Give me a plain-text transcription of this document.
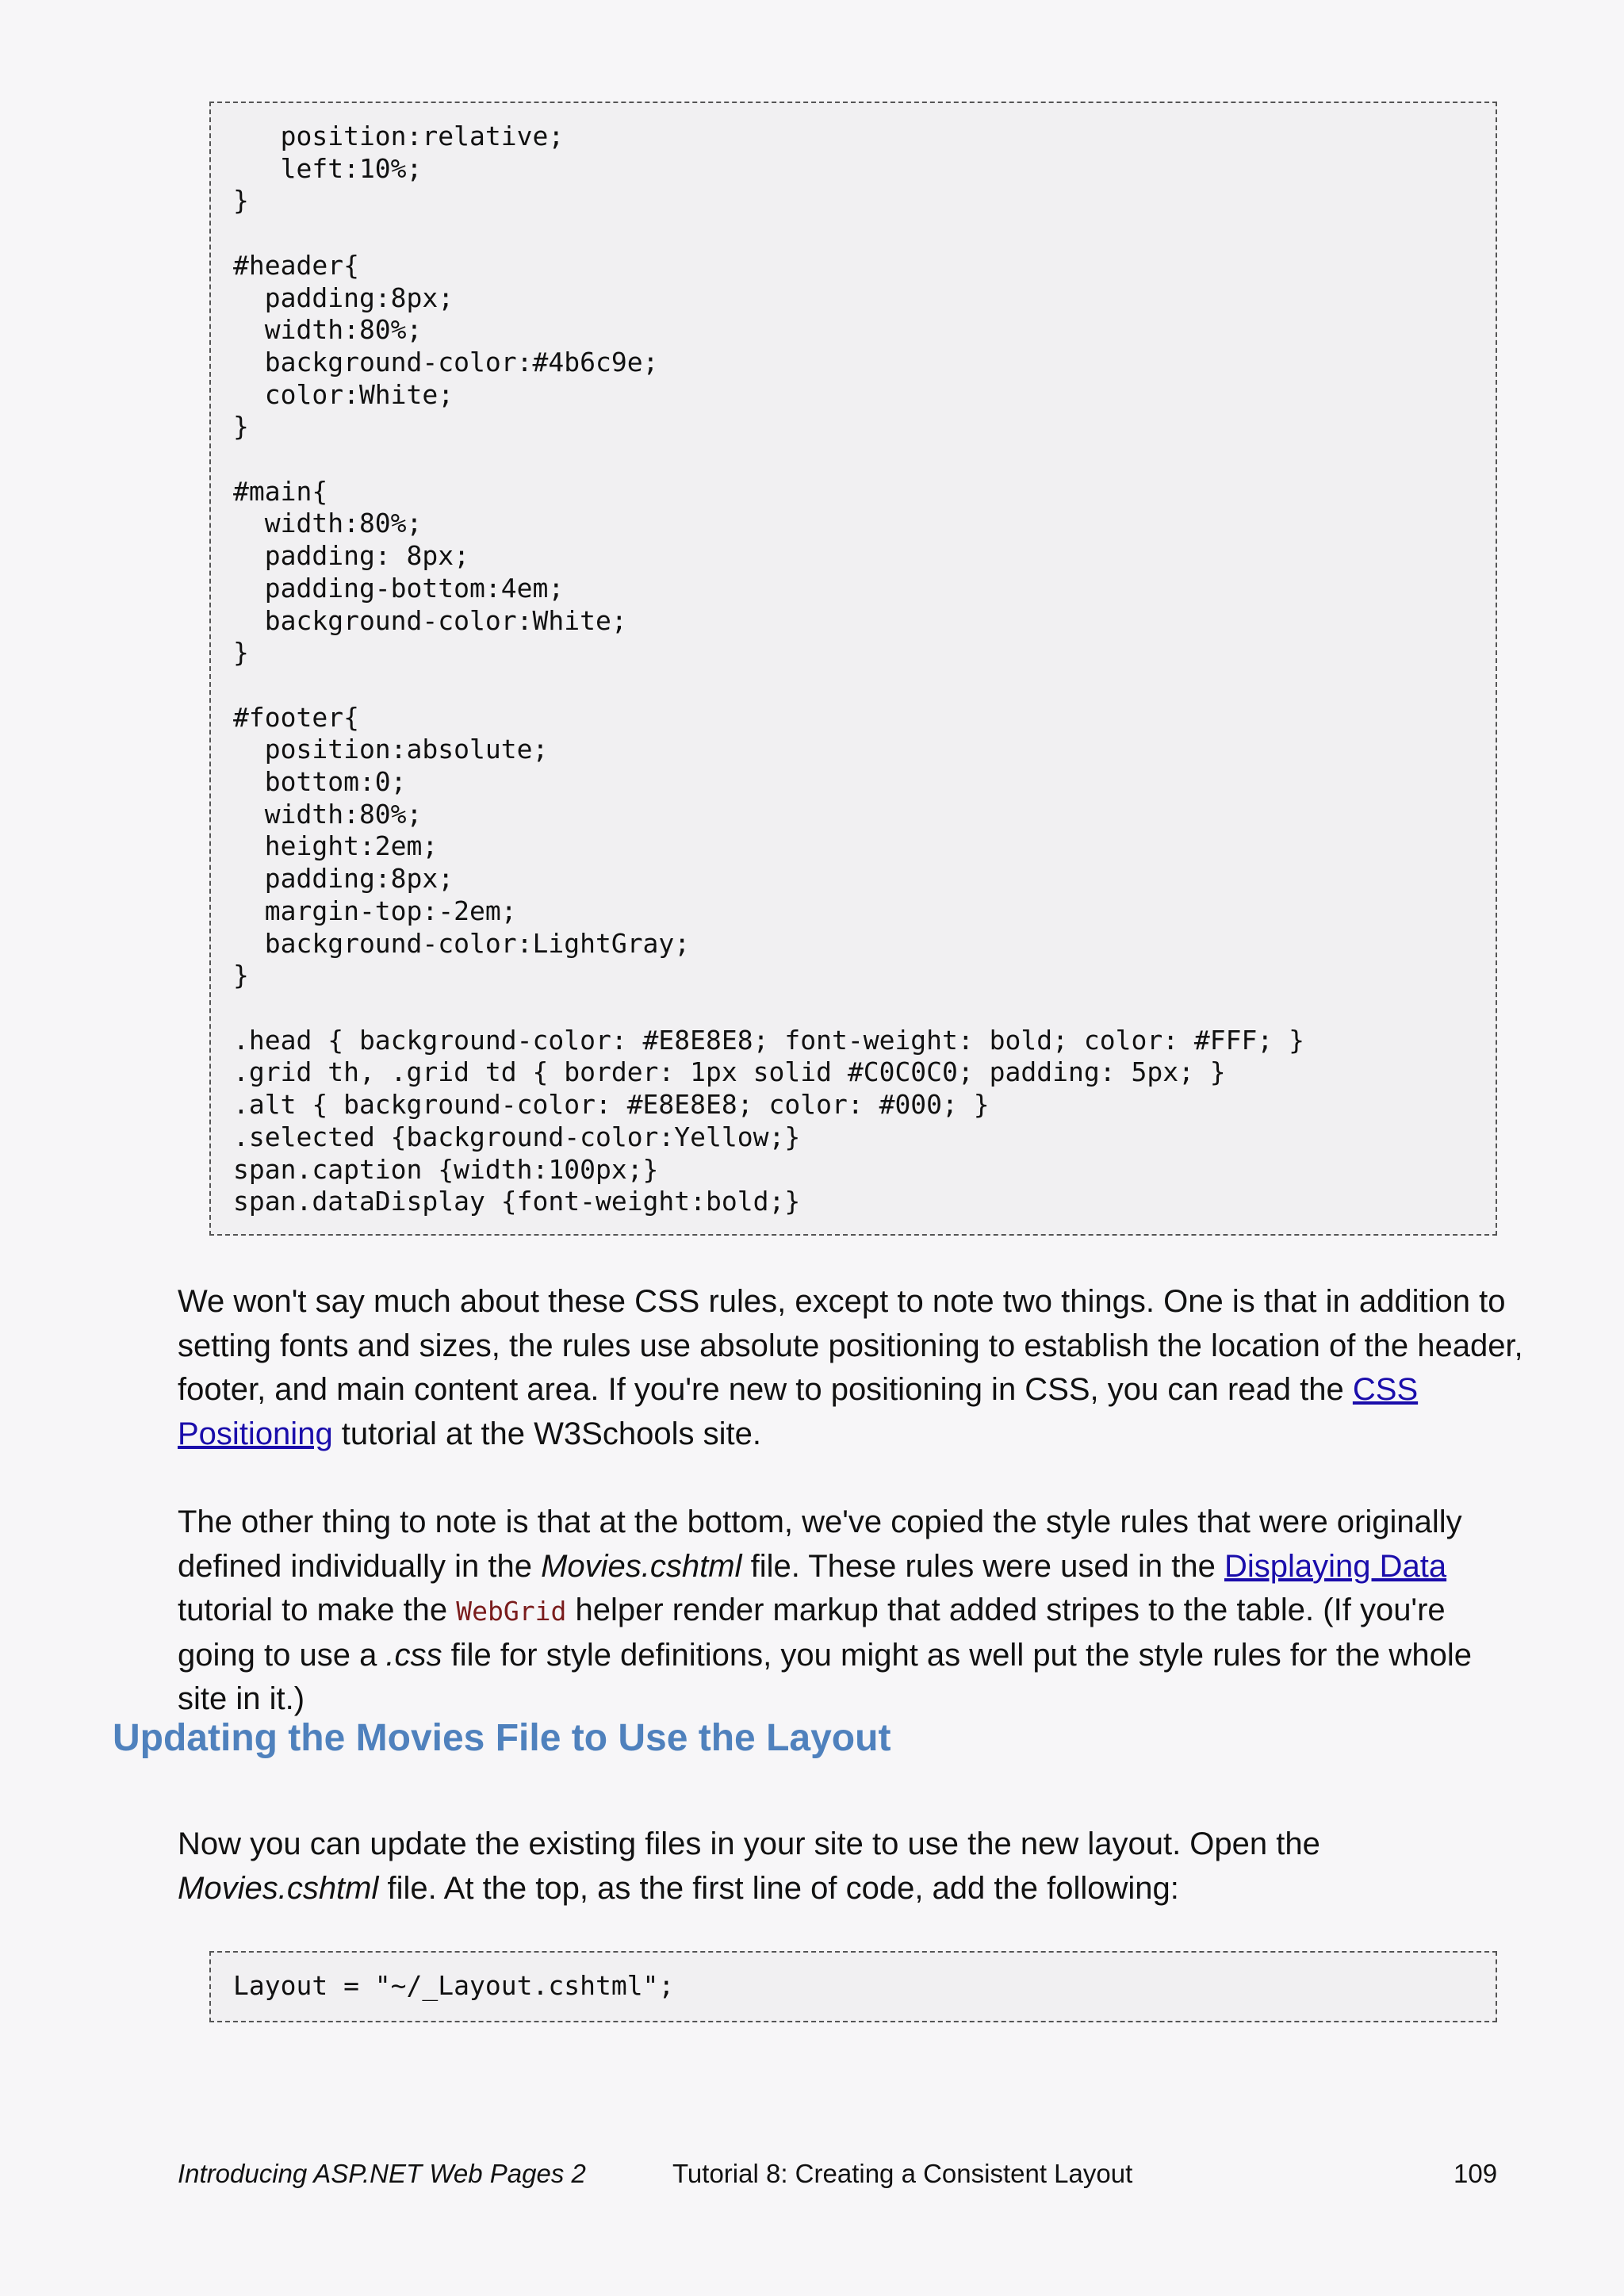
position:relative;
left:10%;
}

#header{
padding:8px;
width:80%;
background-color:#4b6c9e;
color:White;
}

#main{
width:80%;
padding: 8px;
padding-bottom:4em;
background-color:White;
}

#footer{
position:absolute;
bottom:0;
width:80%;
height:2em;
padding:8px;
margin-top:-2em;
background-color:LightGray;
}

.head { background-color: #E8E8E8; font-weight: bold; color: #FFF; }
.grid th, .grid td { border: 1px solid #C0C0C0; padding: 5px; }
.alt { background-color: #E8E8E8; color: #000; }
.selected {background-color:Yellow;}
span.caption {width:100px;}
span.dataDisplay {font-weight:bold;}

We won't say much about these CSS rules, except to note two things. One is that in addition to setting fonts and sizes, the rules use absolute positioning to establish the location of the header, footer, and main content area. If you're new to positioning in CSS, you can read the CSS Positioning tutorial at the W3Schools site.

The other thing to note is that at the bottom, we've copied the style rules that were originally defined individually in the Movies.cshtml file. These rules were used in the Displaying Data tutorial to make the WebGrid helper render markup that added stripes to the table. (If you're going to use a .css file for style definitions, you might as well put the style rules for the whole site in it.)

Updating the Movies File to Use the Layout

Now you can update the existing files in your site to use the new layout. Open the Movies.cshtml file. At the top, as the first line of code, add the following:

Layout = "~/_Layout.cshtml";

Introducing ASP.NET Web Pages 2	Tutorial 8: Creating a Consistent Layout	109
